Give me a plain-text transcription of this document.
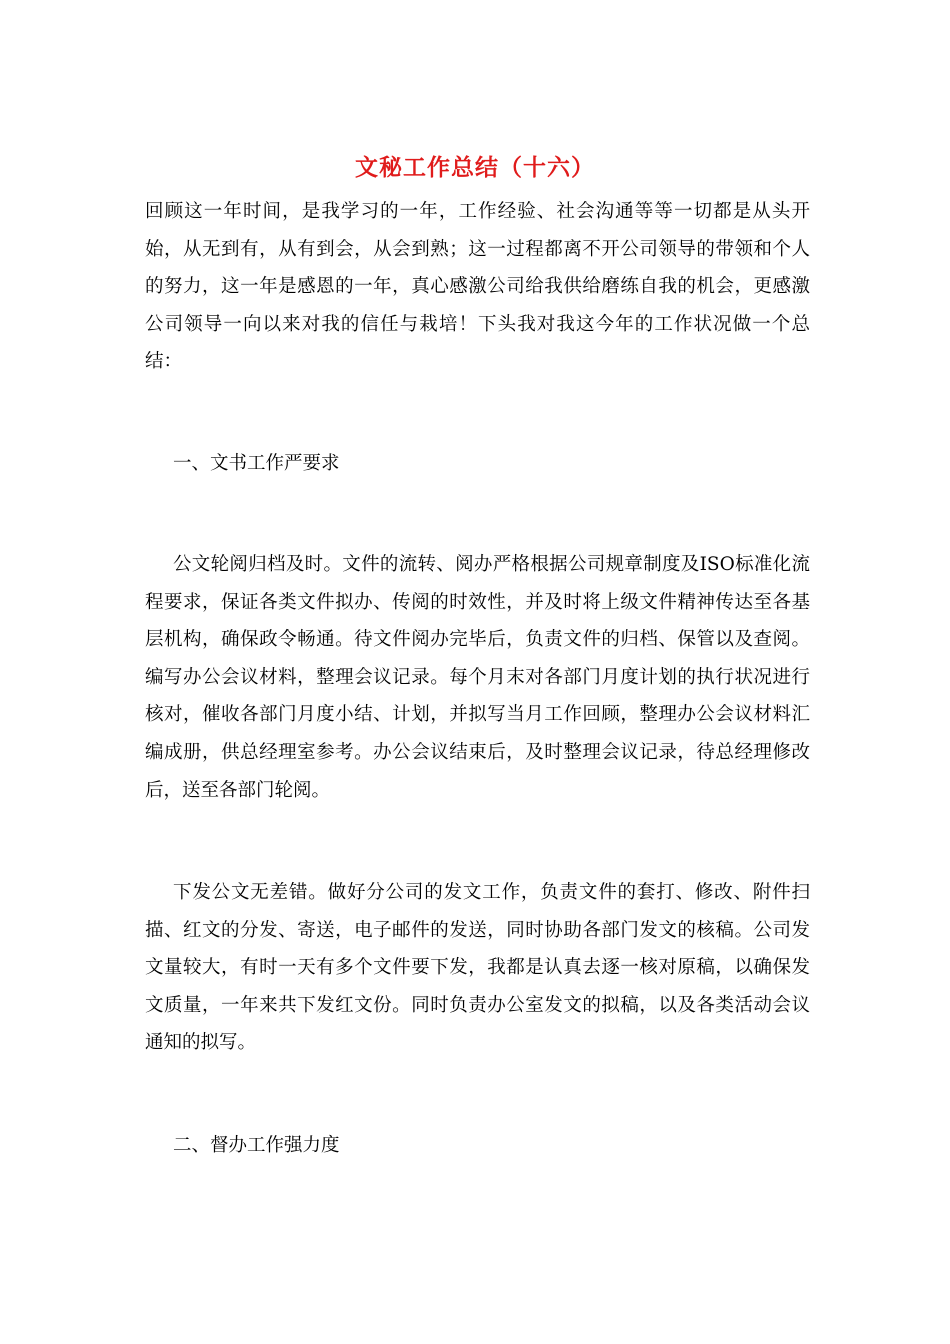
文秘工作总结（十六）

回顾这一年时间，是我学习的一年，工作经验、社会沟通等等一切都是从头开始，从无到有，从有到会，从会到熟；这一过程都离不开公司领导的带领和个人的努力，这一年是感恩的一年，真心感激公司给我供给磨练自我的机会，更感激公司领导一向以来对我的信任与栽培！下头我对我这今年的工作状况做一个总结：

一、文书工作严要求

公文轮阅归档及时。文件的流转、阅办严格根据公司规章制度及ISO标准化流程要求，保证各类文件拟办、传阅的时效性，并及时将上级文件精神传达至各基层机构，确保政令畅通。待文件阅办完毕后，负责文件的归档、保管以及查阅。编写办公会议材料，整理会议记录。每个月末对各部门月度计划的执行状况进行核对，催收各部门月度小结、计划，并拟写当月工作回顾，整理办公会议材料汇编成册，供总经理室参考。办公会议结束后，及时整理会议记录，待总经理修改后，送至各部门轮阅。

下发公文无差错。做好分公司的发文工作，负责文件的套打、修改、附件扫描、红文的分发、寄送，电子邮件的发送，同时协助各部门发文的核稿。公司发文量较大，有时一天有多个文件要下发，我都是认真去逐一核对原稿，以确保发文质量，一年来共下发红文份。同时负责办公室发文的拟稿，以及各类活动会议通知的拟写。

二、督办工作强力度
